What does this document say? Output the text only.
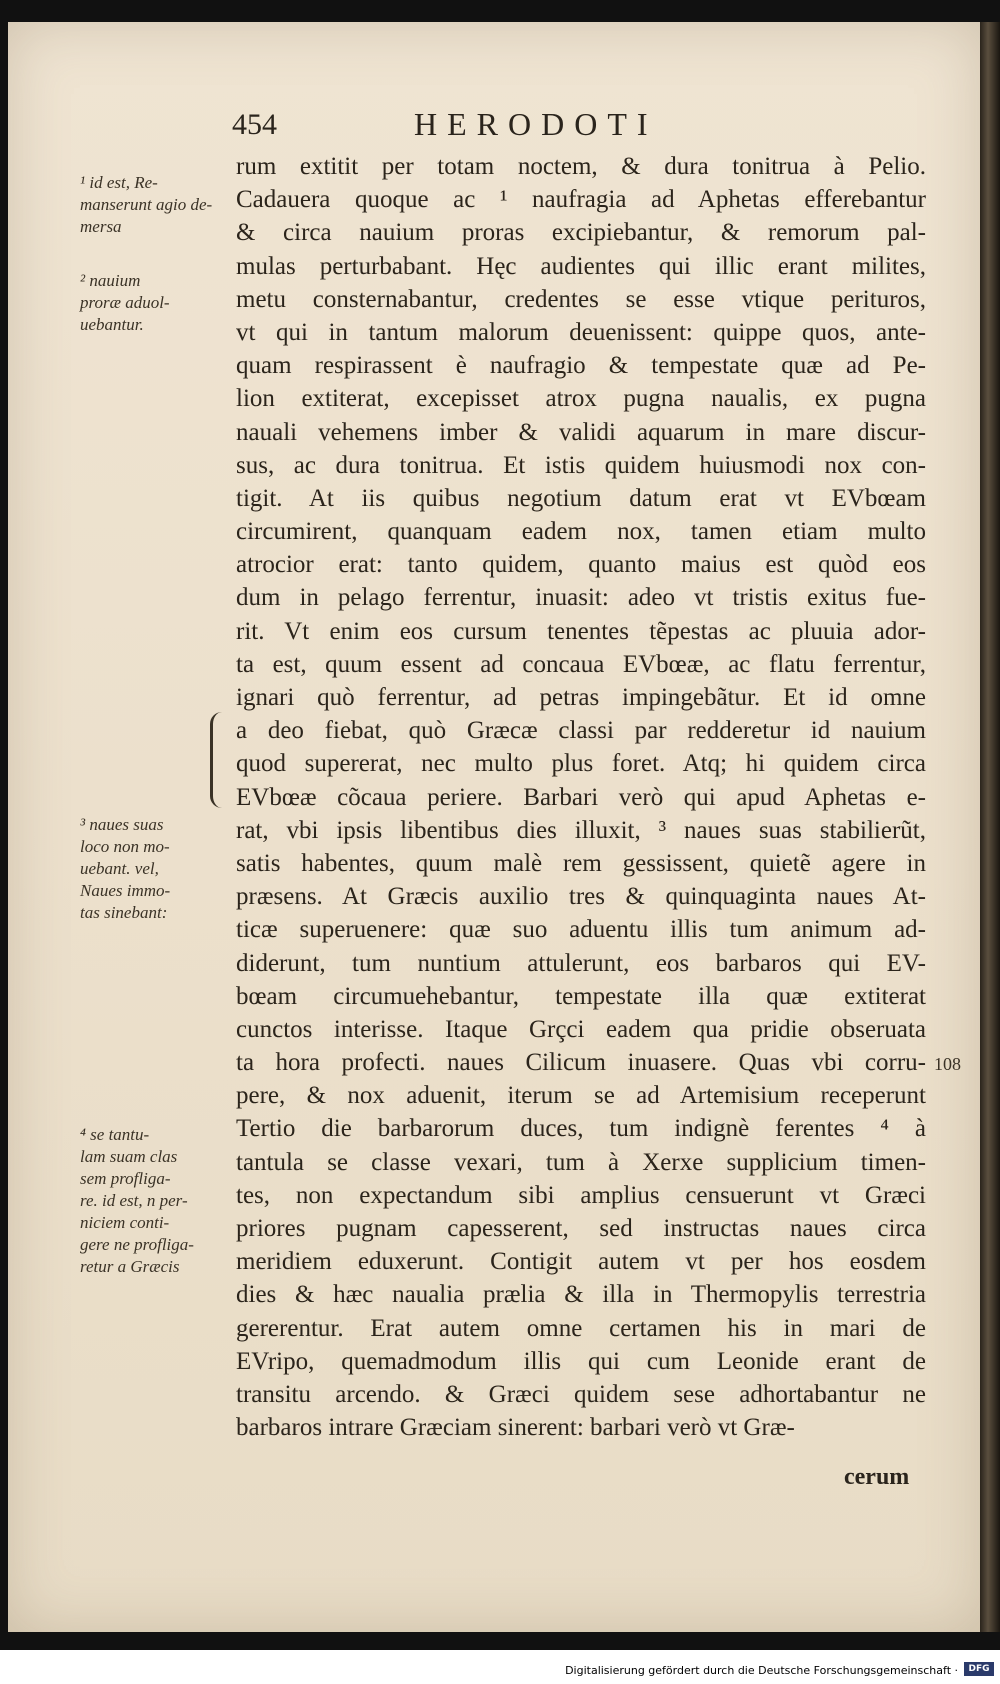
454	HERODOTI
rum extitit per totam noctem, & dura tonitrua à Pelio.
Cadauera quoque ac ¹ naufragia ad Aphetas efferebantur
& circa nauium proras excipiebantur, & remorum pal-
mulas perturbabant. Hęc audientes qui illic erant milites,
metu consternabantur, credentes se esse vtique perituros,
vt qui in tantum malorum deuenissent: quippe quos, ante-
quam respirassent è naufragio & tempestate quæ ad Pe-
lion extiterat, excepisset atrox pugna naualis, ex pugna
nauali vehemens imber & validi aquarum in mare discur-
sus, ac dura tonitrua. Et istis quidem huiusmodi nox con-
tigit. At iis quibus negotium datum erat vt EVbœam
circumirent, quanquam eadem nox, tamen etiam multo
atrocior erat: tanto quidem, quanto maius est quòd eos
dum in pelago ferrentur, inuasit: adeo vt tristis exitus fue-
rit. Vt enim eos cursum tenentes tẽpestas ac pluuia ador-
ta est, quum essent ad concaua EVbœæ, ac flatu ferrentur,
ignari quò ferrentur, ad petras impingebãtur. Et id omne
a deo fiebat, quò Græcæ classi par redderetur id nauium
quod supererat, nec multo plus foret. Atq; hi quidem circa
EVbœæ cõcaua periere. Barbari verò qui apud Aphetas e-
rat, vbi ipsis libentibus dies illuxit, ³ naues suas stabilierũt,
satis habentes, quum malè rem gessissent, quietẽ agere in
præsens. At Græcis auxilio tres & quinquaginta naues At-
ticæ superuenere: quæ suo aduentu illis tum animum ad-
diderunt, tum nuntium attulerunt, eos barbaros qui EV-
bœam circumuehebantur, tempestate illa quæ extiterat
cunctos interisse. Itaque Grçci eadem qua pridie obseruata
ta hora profecti. naues Cilicum inuasere. Quas vbi corru-
pere, & nox aduenit, iterum se ad Artemisium receperunt
Tertio die barbarorum duces, tum indignè ferentes ⁴ à
tantula se classe vexari, tum à Xerxe supplicium timen-
tes, non expectandum sibi amplius censuerunt vt Græci
priores pugnam capesserent, sed instructas naues circa
meridiem eduxerunt. Contigit autem vt per hos eosdem
dies & hæc naualia prælia & illa in Thermopylis terrestria
gererentur. Erat autem omne certamen his in mari de
EVripo, quemadmodum illis qui cum Leonide erant de
transitu arcendo. & Græci quidem sese adhortabantur ne
barbaros intrare Græciam sinerent: barbari verò vt Græ-
cerum
¹ id est, Re-
manserunt agio de-
mersa
² nauium
proræ aduol-
uebantur.
³ naues suas
loco non mo-
uebant. vel,
Naues immo-
tas sinebant:
⁴ se tantu-
lam suam clas
sem profliga-
re. id est, n per-
niciem conti-
gere ne profliga-
retur a Græcis
108
Digitalisierung gefördert durch die Deutsche Forschungsgemeinschaft ·	DFG
